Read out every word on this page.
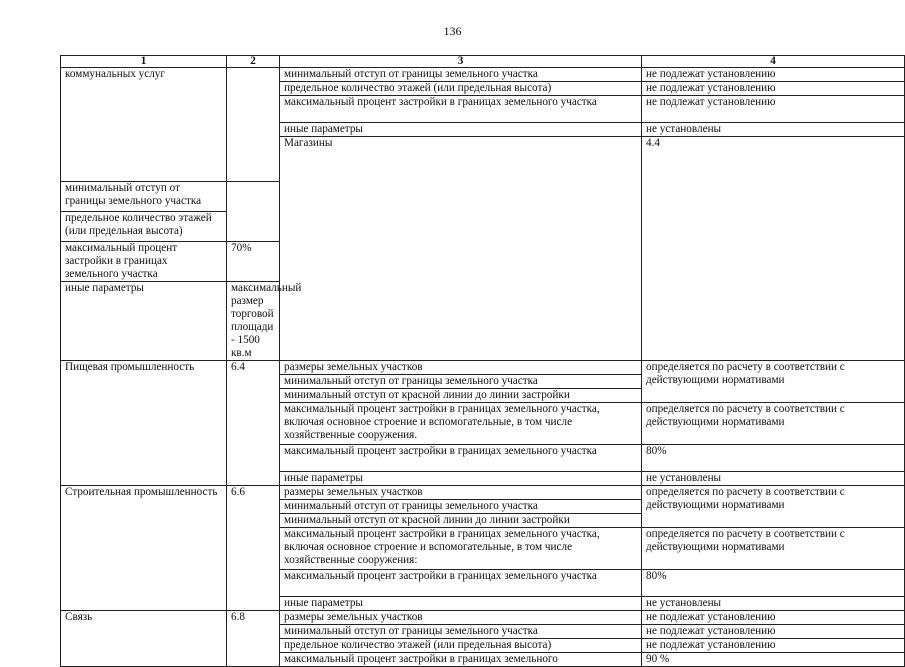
136
1	2	3	4	
коммунальных услуг		минимальный отступ от границы земельного участка	не подлежат установлению	
		предельное количество этажей (или предельная высота)	не подлежат установлению	
		максимальный процент застройки в границах земельного участка	не подлежат установлению	
		иные параметры	не установлены	
		Магазины	4.4		
минимальный отступ от границы земельного участка				
предельное количество этажей (или предельная высота)				
максимальный процент застройки в границах земельного участка	70%			
иные параметры	максимальный размер торговой площади - 1500 кв.м			
Пищевая промышленность	6.4	размеры земельных участков	определяется по расчету в соответствии с действующими нормативами	
		минимальный отступ от границы земельного участка		
		минимальный отступ от красной линии до линии застройки		
		максимальный процент застройки в границах земельного участка, включая основное строение и вспомогательные, в том числе хозяйственные сооружения.	определяется по расчету в соответствии с действующими нормативами	
		максимальный процент застройки в границах земельного участка	80%	
		иные параметры	не установлены	
Строительная промышленность	6.6	размеры земельных участков	определяется по расчету в соответствии с действующими нормативами	
		минимальный отступ от границы земельного участка		
		минимальный отступ от красной линии до линии застройки		
		максимальный процент застройки в границах земельного участка, включая основное строение и вспомогательные, в том числе хозяйственные сооружения:	определяется по расчету в соответствии с действующими нормативами	
		максимальный процент застройки в границах земельного участка	80%	
		иные параметры	не установлены	
Связь	6.8	размеры земельных участков	не подлежат установлению	
		минимальный отступ от границы земельного участка	не подлежат установлению	
		предельное количество этажей (или предельная высота)	не подлежат установлению	
		максимальный процент застройки в границах земельного	90 %	
